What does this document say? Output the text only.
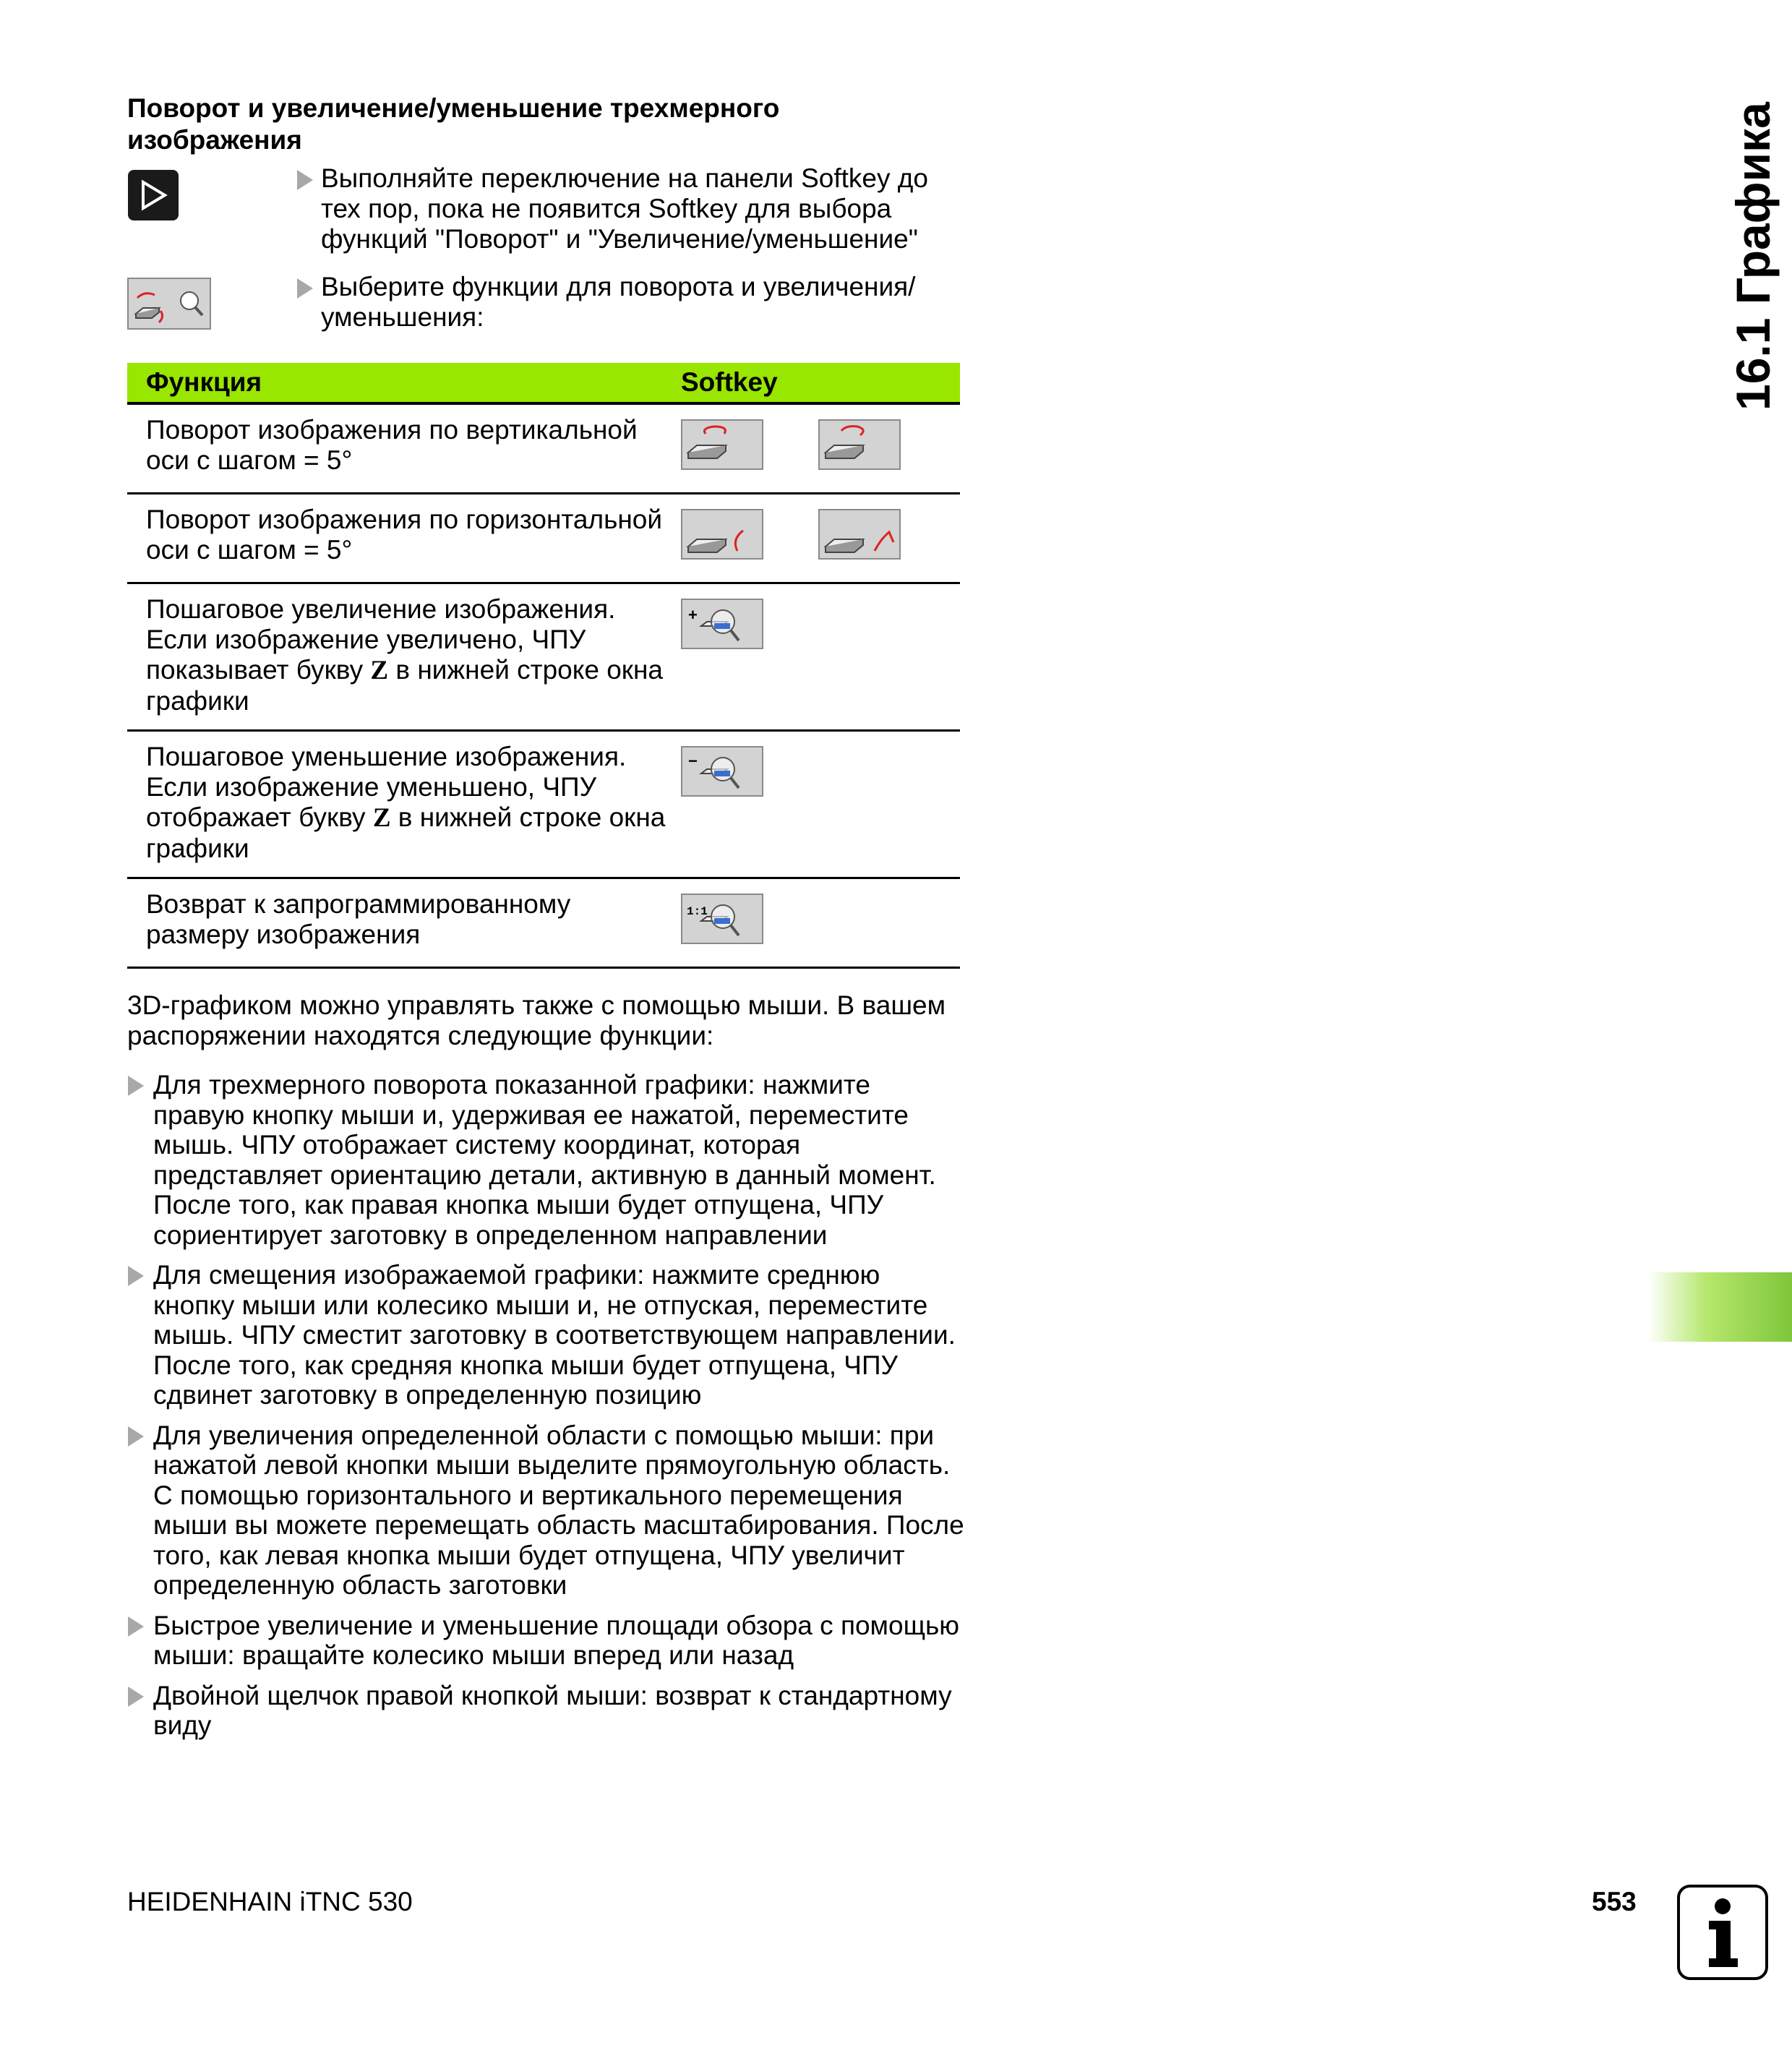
Поворот и увеличение/уменьшение трехмерного изображения
Выполняйте переключение на панели Softkey до тех пор, пока не появится Softkey для выбора функций "Поворот" и "Увеличение/уменьшение"
Выберите функции для поворота и увеличения/уменьшения:
Функция	Softkey
Поворот изображения по вертикальной оси с шагом = 5°	
Поворот изображения по горизонтальной оси с шагом = 5°	
Пошаговое увеличение изображения. Если изображение увеличено, ЧПУ показывает букву Z в нижней строке окна графики	+

Пошаговое уменьшение изображения. Если изображение уменьшено, ЧПУ отображает букву Z в нижней строке окна графики	−

Возврат к запрограммированному размеру изображения	1:1
3D-графиком можно управлять также с помощью мыши. В вашем распоряжении находятся следующие функции:
Для трехмерного поворота показанной графики: нажмите правую кнопку мыши и, удерживая ее нажатой, переместите мышь. ЧПУ отображает систему координат, которая представляет ориентацию детали, активную в данный момент. После того, как правая кнопка мыши будет отпущена, ЧПУ сориентирует заготовку в определенном направлении
Для смещения изображаемой графики: нажмите среднюю кнопку мыши или колесико мыши и, не отпуская, переместите мышь. ЧПУ сместит заготовку в соответствующем направлении. После того, как средняя кнопка мыши будет отпущена, ЧПУ сдвинет заготовку в определенную позицию
Для увеличения определенной области с помощью мыши: при нажатой левой кнопки мыши выделите прямоугольную область. С помощью горизонтального и вертикального перемещения мыши вы можете перемещать область масштабирования. После того, как левая кнопка мыши будет отпущена, ЧПУ увеличит определенную область заготовки
Быстрое увеличение и уменьшение площади обзора с помощью мыши: вращайте колесико мыши вперед или назад
Двойной щелчок правой кнопкой мыши: возврат к стандартному виду
16.1 Графика
HEIDENHAIN iTNC 530	553
